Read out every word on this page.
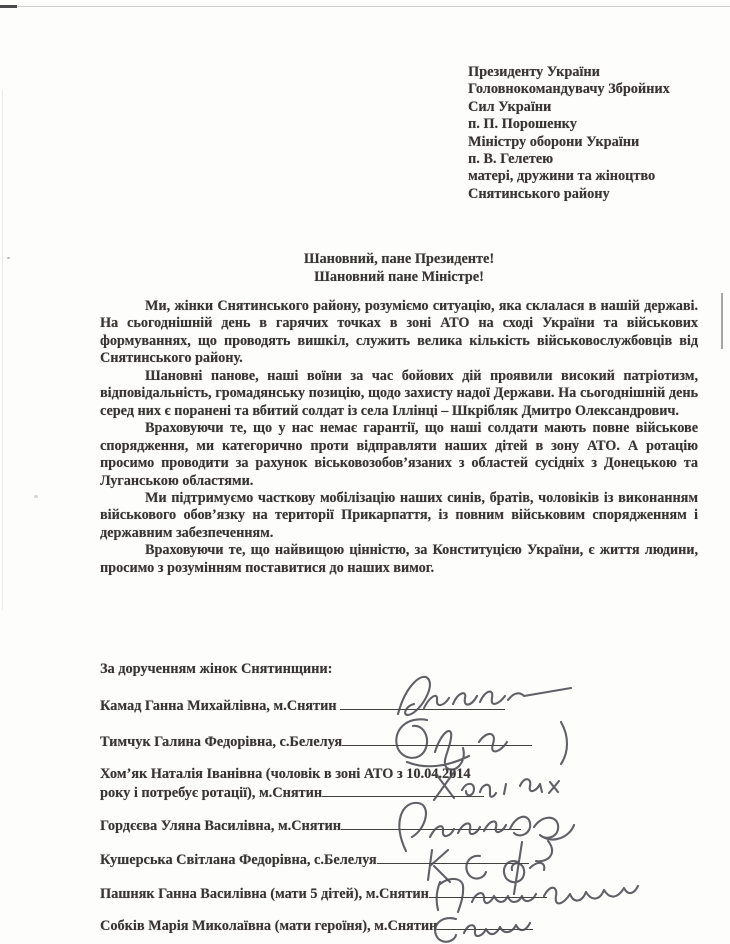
Президенту України
Головнокомандувачу Збройних
Сил України
п. П. Порошенку
Міністру оборони України
п. В. Гелетею
матері, дружини та жіноцтво
Снятинського району
Шановний, пане Президенте!
Шановний пане Міністре!

Ми, жінки Снятинського району, розуміємо ситуацію, яка склалася в нашій державі. На сьогоднішній день в гарячих точках в зоні АТО на сході України та військових формуваннях, що проводять вишкіл, служить велика кількість військовослужбовців від Снятинського району.

Шановні панове, наші воїни за час бойових дій проявили високий патріотизм, відповідальність, громадянську позицію, щодо захисту надої Держави. На сьогоднішній день серед них є поранені та вбитий солдат із села Іллінці – Шкрібляк Дмитро Олександрович.

Враховуючи те, що у нас немає гарантії, що наші солдати мають повне військове спорядження, ми категорично проти відправляти наших дітей в зону АТО. А ротацію просимо проводити за рахунок віськовозобов’язаних з областей сусідніх з Донецькою та Луганською областями.

Ми підтримуємо часткову мобілізацію наших синів, братів, чоловіків із виконанням військового обов’язку на території Прикарпаття, із повним військовим спорядженням і державним забезпеченням.

Враховуючи те, що найвищою цінністю, за Конституцією України, є життя людини, просимо з розумінням поставитися до наших вимог.

За дорученням жінок Снятинщини:
Камад Ганна Михайлівна, м.Снятин
Тимчук Галина Федорівна, с.Белелуя
Хом’як Наталія Іванівна (чоловік в зоні АТО з 10.04.2014
року і потребує ротації), м.Снятин
Гордєєва Уляна Василівна, м.Снятин
Кушерська Світлана Федорівна, с.Белелуя
Пашняк Ганна Василівна (мати 5 дітей), м.Снятин
Собків Марія Миколаївна (мати героїня), м.Снятин
